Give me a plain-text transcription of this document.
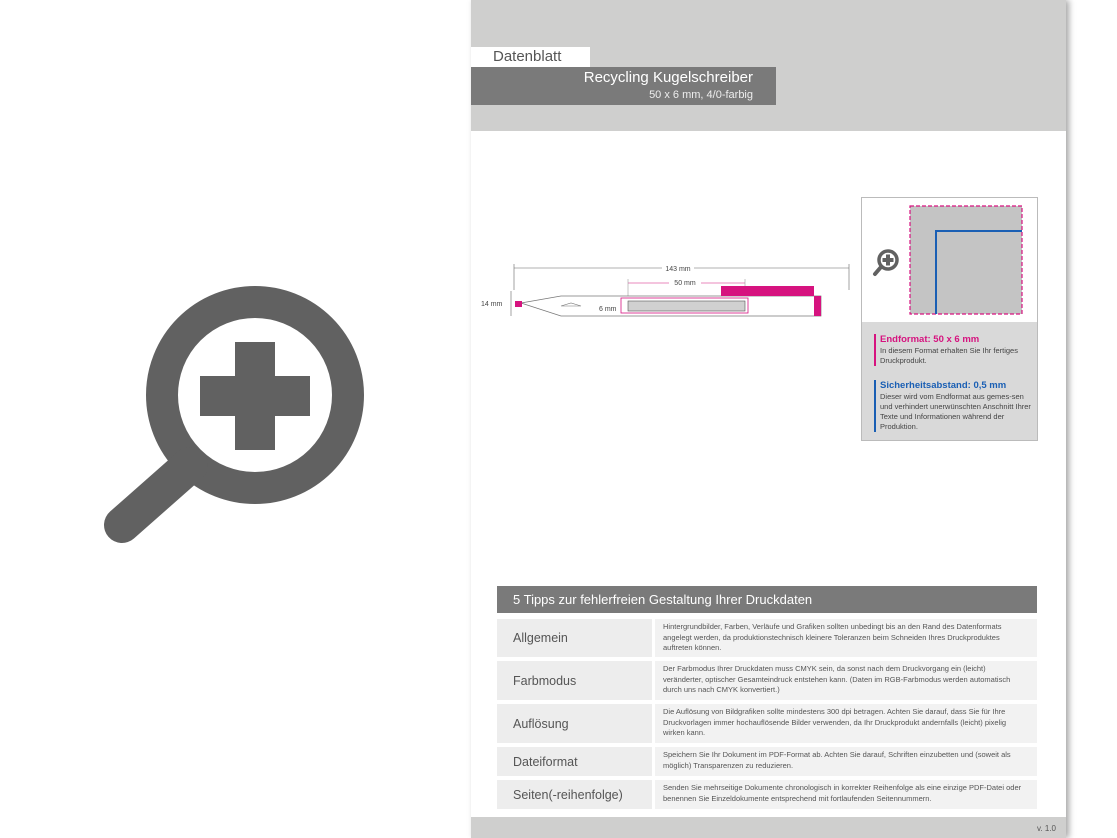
Datenblatt
Recycling Kugelschreiber
50 x 6 mm, 4/0-farbig
143 mm
50 mm
14 mm
6 mm
Endformat: 50 x 6 mm
In diesem Format erhalten Sie Ihr fertiges Druckprodukt.
Sicherheitsabstand: 0,5 mm
Dieser wird vom Endformat aus gemes-sen und verhindert unerwünschten Anschnitt Ihrer Texte und Informationen während der Produktion.
5 Tipps zur fehlerfreien Gestaltung Ihrer Druckdaten
Allgemein
Hintergrundbilder, Farben, Verläufe und Grafiken sollten unbedingt bis an den Rand des Datenformats angelegt werden, da produktionstechnisch kleinere Toleranzen beim Schneiden Ihres Druckproduktes auftreten können.
Farbmodus
Der Farbmodus Ihrer Druckdaten muss CMYK sein, da sonst nach dem Druckvorgang ein (leicht) veränderter, optischer Gesamteindruck entstehen kann. (Daten im RGB-Farbmodus werden automatisch durch uns nach CMYK konvertiert.)
Auflösung
Die Auflösung von Bildgrafiken sollte mindestens 300 dpi betragen. Achten Sie darauf, dass Sie für Ihre Druckvorlagen immer hochauflösende Bilder verwenden, da Ihr Druckprodukt andernfalls (leicht) pixelig wirken kann.
Dateiformat	Speichern Sie Ihr Dokument im PDF-Format ab. Achten Sie darauf, Schriften einzubetten und (soweit als möglich) Transparenzen zu reduzieren.
Seiten(-reihenfolge)	Senden Sie mehrseitige Dokumente chronologisch in korrekter Reihenfolge als eine einzige PDF-Datei oder benennen Sie Einzeldokumente entsprechend mit fortlaufenden Seitennummern.
v. 1.0
